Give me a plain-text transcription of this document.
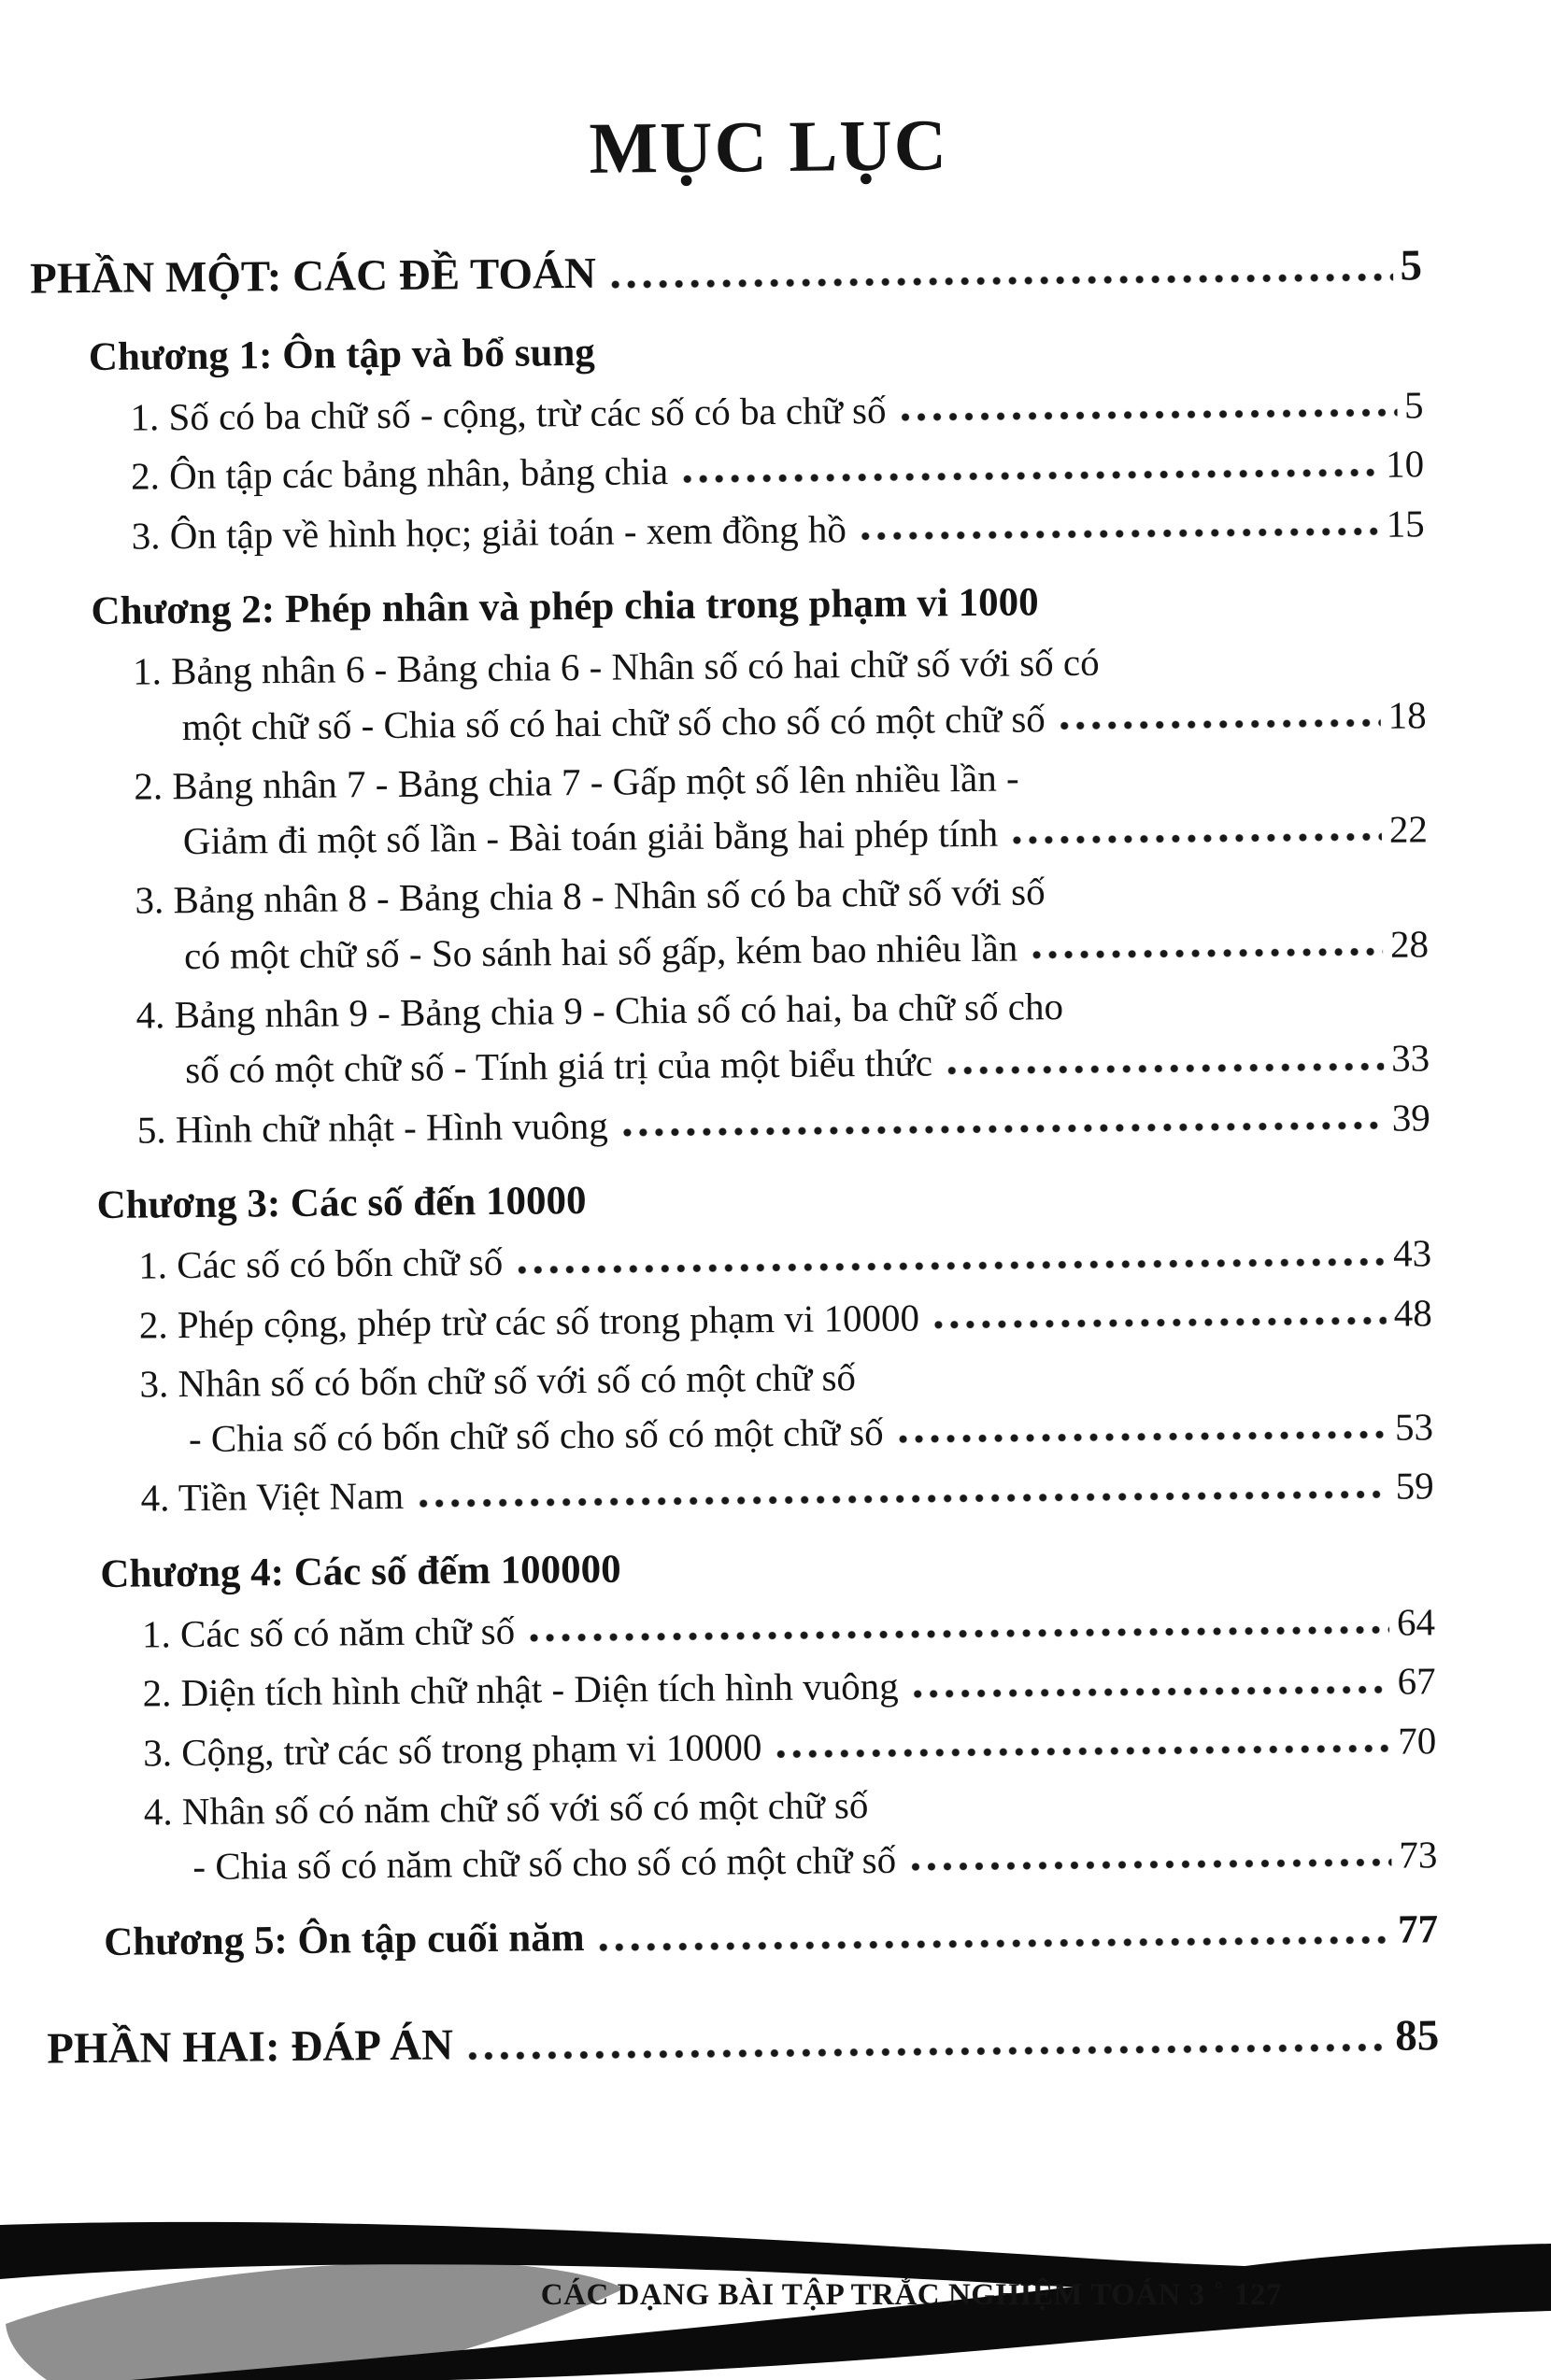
MỤC LỤC
PHẦN MỘT: CÁC ĐỀ TOÁN	5
Chương 1: Ôn tập và bổ sung
1. Số có ba chữ số - cộng, trừ các số có ba chữ số	5
2. Ôn tập các bảng nhân, bảng chia	10
3. Ôn tập về hình học; giải toán - xem đồng hồ	15
Chương 2: Phép nhân và phép chia trong phạm vi 1000
1. Bảng nhân 6 - Bảng chia 6 - Nhân số có hai chữ số với số có
một chữ số - Chia số có hai chữ số cho số có một chữ số	18
2. Bảng nhân 7 - Bảng chia 7 - Gấp một số lên nhiều lần -
Giảm đi một số lần - Bài toán giải bằng hai phép tính	22
3. Bảng nhân 8 - Bảng chia 8 - Nhân số có ba chữ số với số
có một chữ số - So sánh hai số gấp, kém bao nhiêu lần	28
4. Bảng nhân 9 - Bảng chia 9 - Chia số có hai, ba chữ số cho
số có một chữ số - Tính giá trị của một biểu thức	33
5. Hình chữ nhật - Hình vuông	39
Chương 3: Các số đến 10000
1. Các số có bốn chữ số	43
2. Phép cộng, phép trừ các số trong phạm vi 10000	48
3. Nhân số có bốn chữ số với số có một chữ số
- Chia số có bốn chữ số cho số có một chữ số	53
4. Tiền Việt Nam	59
Chương 4: Các số đếm 100000
1. Các số có năm chữ số	64
2. Diện tích hình chữ nhật - Diện tích hình vuông	67
3. Cộng, trừ các số trong phạm vi 10000	70
4. Nhân số có năm chữ số với số có một chữ số
- Chia số có năm chữ số cho số có một chữ số	73
Chương 5: Ôn tập cuối năm	77
PHẦN HAI: ĐÁP ÁN	85
CÁC DẠNG BÀI TẬP TRẮC NGHIỆM TOÁN 3 ° 127
